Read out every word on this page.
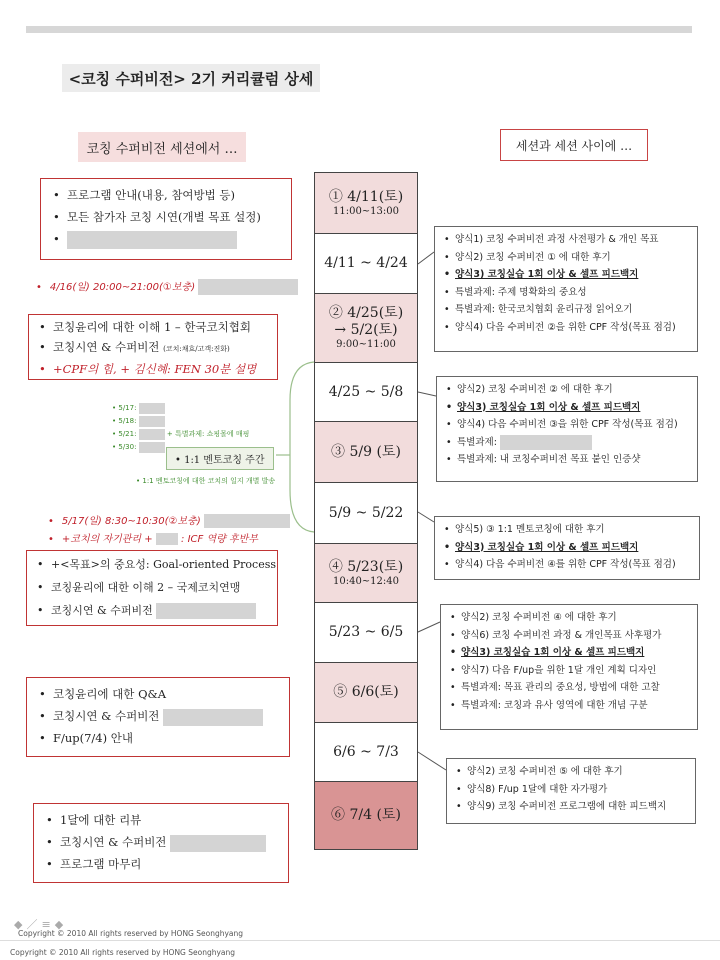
<코칭 수퍼비전> 2기 커리큘럼 상세
코칭 수퍼비전 세션에서 …	세션과 세션 사이에 …
① 4/11(토)
11:00~13:00
4/11 ~ 4/24
② 4/25(토)
→ 5/2(토)
9:00~11:00
4/25 ~ 5/8
③ 5/9 (토)
5/9 ~ 5/22
④ 5/23(토)
10:40~12:40
5/23 ~ 6/5
⑤ 6/6(토)
6/6 ~ 7/3
⑥ 7/4 (토)
• 프로그램 안내(내용, 참여방법 등)
• 모든 참가자 코칭 시연(개별 목표 설정)
•
• 4/16(일) 20:00~21:00(①보충)
• 코칭윤리에 대한 이해 1 – 한국코치협회
• 코칭시연 & 수퍼비전 (코치:채효/고객:진화)
• +CPF의 힘, + 김신혜: FEN 30분 설명
• 5/17:
• 5/18:
• 5/21:	+ 특별과제: 쇼핑몰에 매핑
• 5/30:
• 1:1 멘토코칭 주간
• 1:1 멘토코칭에 대한 코치의 일지 개별 발송
• 5/17(일) 8:30~10:30(②보충)
• +코치의 자기관리 +	: ICF 역량 후반부
• +<목표>의 중요성: Goal-oriented Process
• 코칭윤리에 대한 이해 2 – 국제코치연맹
• 코칭시연 & 수퍼비전
• 코칭윤리에 대한 Q&A
• 코칭시연 & 수퍼비전
• F/up(7/4) 안내
• 1달에 대한 리뷰
• 코칭시연 & 수퍼비전
• 프로그램 마무리
• 양식1) 코칭 수퍼비전 과정 사전평가 & 개인 목표
• 양식2) 코칭 수퍼비전 ① 에 대한 후기
• 양식3) 코칭실습 1회 이상 & 셀프 피드백지
• 특별과제: 주제 명확화의 중요성
• 특별과제: 한국코치협회 윤리규정 읽어오기
• 양식4) 다음 수퍼비전 ②을 위한 CPF 작성(목표 점검)
• 양식2) 코칭 수퍼비전 ② 에 대한 후기
• 양식3) 코칭실습 1회 이상 & 셀프 피드백지
• 양식4) 다음 수퍼비전 ③을 위한 CPF 작성(목표 점검)
• 특별과제:
• 특별과제: 내 코칭수퍼비전 목표 붙인 인증샷
• 양식5) ③ 1:1 멘토코칭에 대한 후기
• 양식3) 코칭실습 1회 이상 & 셀프 피드백지
• 양식4) 다음 수퍼비전 ④를 위한 CPF 작성(목표 점검)
• 양식2) 코칭 수퍼비전 ④ 에 대한 후기
• 양식6) 코칭 수퍼비전 과정 & 개인목표 사후평가
• 양식3) 코칭실습 1회 이상 & 셀프 피드백지
• 양식7) 다음 F/up을 위한 1달 개인 계획 디자인
• 특별과제: 목표 관리의 중요성, 방법에 대한 고찰
• 특별과제: 코칭과 유사 영역에 대한 개념 구분
• 양식2) 코칭 수퍼비전 ⑤ 에 대한 후기
• 양식8) F/up 1달에 대한 자가평가
• 양식9) 코칭 수퍼비전 프로그램에 대한 피드백지
◆／≡◆
Copyright © 2010 All rights reserved by HONG Seonghyang
Copyright © 2010 All rights reserved by HONG Seonghyang
